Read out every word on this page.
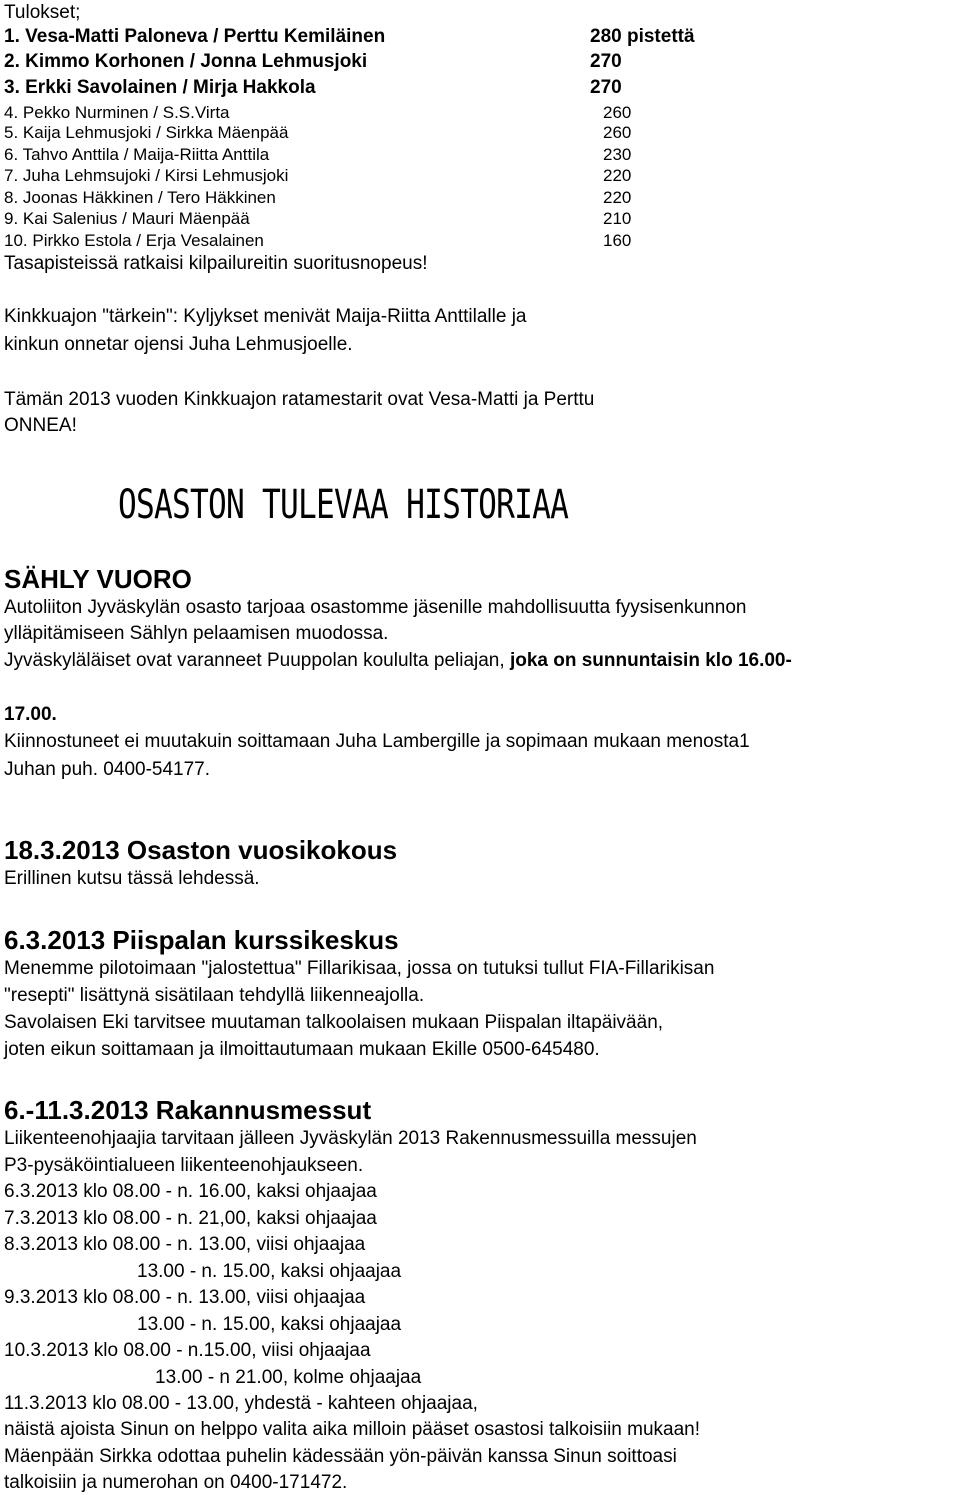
Tulokset;
1. Vesa-Matti Paloneva / Perttu Kemiläinen	280 pistettä
2. Kimmo Korhonen / Jonna Lehmusjoki	270
3. Erkki Savolainen / Mirja Hakkola	270
4. Pekko Nurminen / S.S.Virta	260
5. Kaija Lehmusjoki / Sirkka Mäenpää	260
6. Tahvo Anttila / Maija-Riitta Anttila	230
7. Juha Lehmsujoki / Kirsi Lehmusjoki	220
8. Joonas Häkkinen / Tero Häkkinen	220
9. Kai Salenius / Mauri Mäenpää	210
10. Pirkko Estola / Erja Vesalainen	160
Tasapisteissä ratkaisi kilpailureitin suoritusnopeus!
Kinkkuajon "tärkein": Kyljykset menivät Maija-Riitta Anttilalle ja
kinkun onnetar ojensi Juha Lehmusjoelle.
Tämän 2013 vuoden Kinkkuajon ratamestarit ovat Vesa-Matti ja Perttu
ONNEA!
OSASTON TULEVAA HISTORIAA
SÄHLY VUORO
Autoliiton Jyväskylän osasto tarjoaa osastomme jäsenille mahdollisuutta fyysisenkunnon
ylläpitämiseen Sählyn pelaamisen muodossa.
Jyväskyläläiset ovat varanneet Puuppolan koululta peliajan, joka on sunnuntaisin klo 16.00-
17.00.
Kiinnostuneet ei muutakuin soittamaan Juha Lambergille ja sopimaan mukaan menosta1
Juhan puh. 0400-54177.
18.3.2013 Osaston vuosikokous
Erillinen kutsu tässä lehdessä.
6.3.2013 Piispalan kurssikeskus
Menemme pilotoimaan "jalostettua" Fillarikisaa, jossa on tutuksi tullut FIA-Fillarikisan
"resepti" lisättynä sisätilaan tehdyllä liikenneajolla.
Savolaisen Eki tarvitsee muutaman talkoolaisen mukaan Piispalan iltapäivään,
joten eikun soittamaan ja ilmoittautumaan mukaan Ekille 0500-645480.
6.-11.3.2013 Rakannusmessut
Liikenteenohjaajia tarvitaan jälleen Jyväskylän 2013 Rakennusmessuilla messujen
P3-pysäköintialueen liikenteenohjaukseen.
6.3.2013 klo 08.00 - n. 16.00, kaksi ohjaajaa
7.3.2013 klo 08.00 - n. 21,00, kaksi ohjaajaa
8.3.2013 klo 08.00 - n. 13.00, viisi ohjaajaa
13.00 - n. 15.00, kaksi ohjaajaa
9.3.2013 klo 08.00 - n. 13.00, viisi ohjaajaa
13.00 - n. 15.00, kaksi ohjaajaa
10.3.2013 klo 08.00 - n.15.00, viisi ohjaajaa
13.00 - n 21.00, kolme ohjaajaa
11.3.2013 klo 08.00 - 13.00, yhdestä - kahteen ohjaajaa,
näistä ajoista Sinun on helppo valita aika milloin pääset osastosi talkoisiin mukaan!
Mäenpään Sirkka odottaa puhelin kädessään yön-päivän kanssa Sinun soittoasi
talkoisiin ja numerohan on 0400-171472.
